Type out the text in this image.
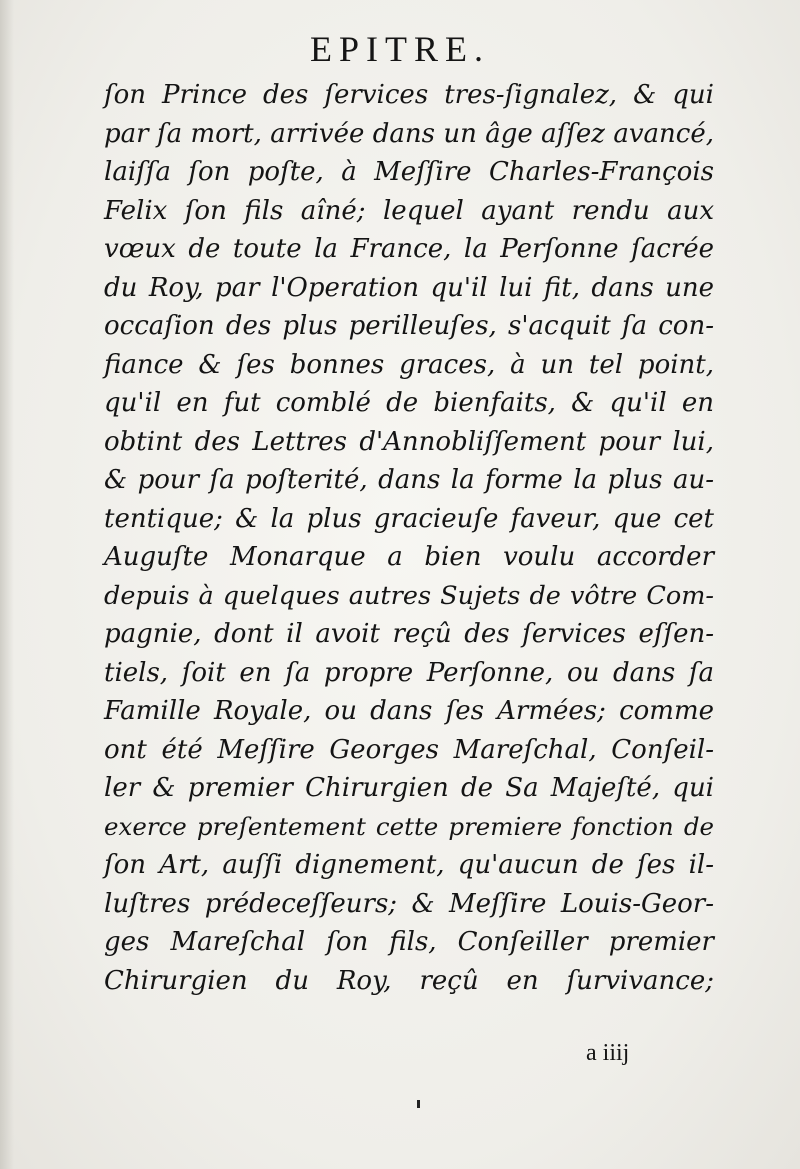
EPITRE.
ſon Prince des ſervices tres-ſignalez, & qui
par ſa mort, arrivée dans un âge aſſez avancé,
laiſſa ſon poſte, à Meſſire Charles-François
Felix ſon fils aîné; lequel ayant rendu aux
vœux de toute la France, la Perſonne ſacrée
du Roy, par l'Operation qu'il lui fit, dans une
occaſion des plus perilleuſes, s'acquit ſa con-
fiance & ſes bonnes graces, à un tel point,
qu'il en fut comblé de bienfaits, & qu'il en
obtint des Lettres d'Annobliſſement pour lui,
& pour ſa poſterité, dans la forme la plus au-
tentique; & la plus gracieuſe faveur, que cet
Auguſte Monarque a bien voulu accorder
depuis à quelques autres Sujets de vôtre Com-
pagnie, dont il avoit reçû des ſervices eſſen-
tiels, ſoit en ſa propre Perſonne, ou dans ſa
Famille Royale, ou dans ſes Armées; comme
ont été Meſſire Georges Mareſchal, Conſeil-
ler & premier Chirurgien de Sa Majeſté, qui
exerce preſentement cette premiere fonction de
ſon Art, auſſi dignement, qu'aucun de ſes il-
luſtres prédeceſſeurs; & Meſſire Louis-Geor-
ges Mareſchal ſon fils, Conſeiller premier
Chirurgien du Roy, reçû en ſurvivance;
a iiij
